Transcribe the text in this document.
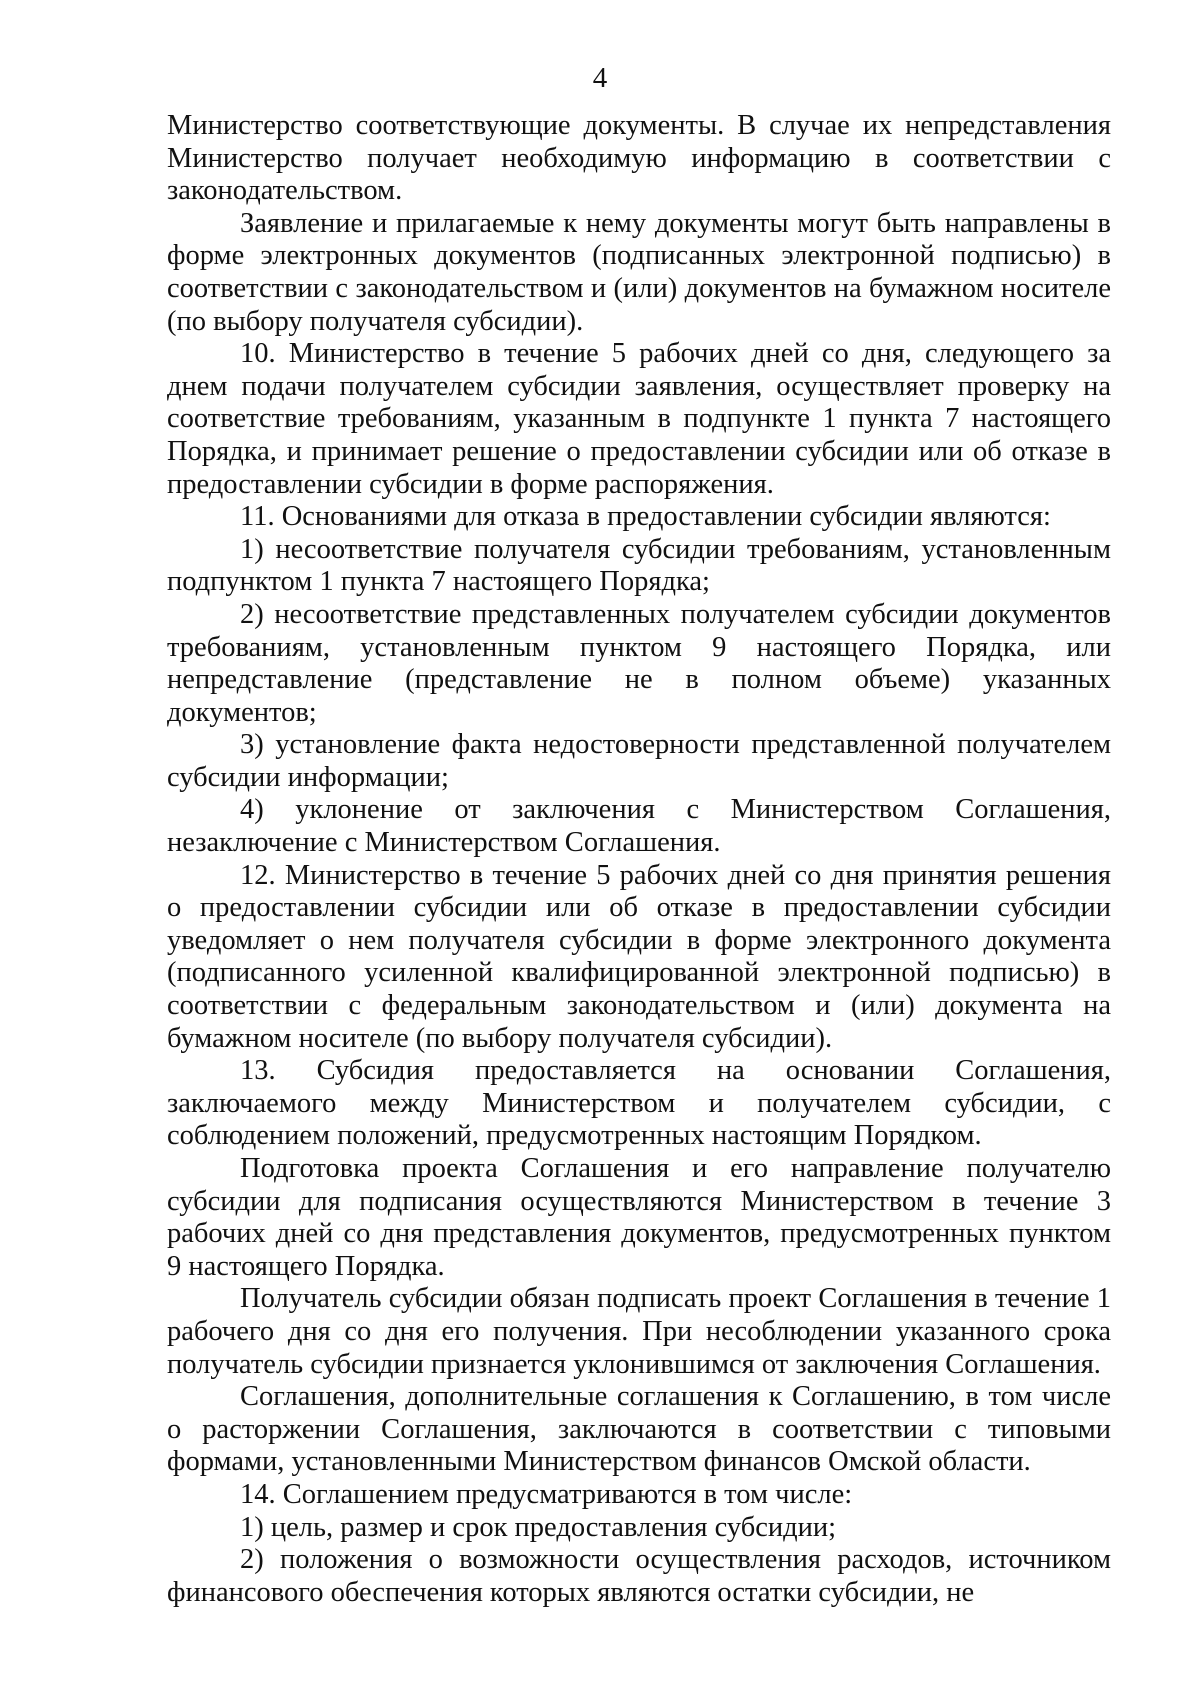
4

Министерство соответствующие документы. В случае их непредставления Министерство получает необходимую информацию в соответствии с законодательством.

Заявление и прилагаемые к нему документы могут быть направлены в форме электронных документов (подписанных электронной подписью) в соответствии с законодательством и (или) документов на бумажном носителе (по выбору получателя субсидии).

10. Министерство в течение 5 рабочих дней со дня, следующего за днем подачи получателем субсидии заявления, осуществляет проверку на соответствие требованиям, указанным в подпункте 1 пункта 7 настоящего Порядка, и принимает решение о предоставлении субсидии или об отказе в предоставлении субсидии в форме распоряжения.

11. Основаниями для отказа в предоставлении субсидии являются:

1) несоответствие получателя субсидии требованиям, установленным подпунктом 1 пункта 7 настоящего Порядка;

2) несоответствие представленных получателем субсидии документов требованиям, установленным пунктом 9 настоящего Порядка, или непредставление (представление не в полном объеме) указанных документов;

3) установление факта недостоверности представленной получателем субсидии информации;

4) уклонение от заключения с Министерством Соглашения, незаключение с Министерством Соглашения.

12. Министерство в течение 5 рабочих дней со дня принятия решения о предоставлении субсидии или об отказе в предоставлении субсидии уведомляет о нем получателя субсидии в форме электронного документа (подписанного усиленной квалифицированной электронной подписью) в соответствии с федеральным законодательством и (или) документа на бумажном носителе (по выбору получателя субсидии).

13. Субсидия предоставляется на основании Соглашения, заключаемого между Министерством и получателем субсидии, с соблюдением положений, предусмотренных настоящим Порядком.

Подготовка проекта Соглашения и его направление получателю субсидии для подписания осуществляются Министерством в течение 3 рабочих дней со дня представления документов, предусмотренных пунктом 9 настоящего Порядка.

Получатель субсидии обязан подписать проект Соглашения в течение 1 рабочего дня со дня его получения. При несоблюдении указанного срока получатель субсидии признается уклонившимся от заключения Соглашения.

Соглашения, дополнительные соглашения к Соглашению, в том числе о расторжении Соглашения, заключаются в соответствии с типовыми формами, установленными Министерством финансов Омской области.

14. Соглашением предусматриваются в том числе:

1) цель, размер и срок предоставления субсидии;

2) положения о возможности осуществления расходов, источником финансового обеспечения которых являются остатки субсидии, не
